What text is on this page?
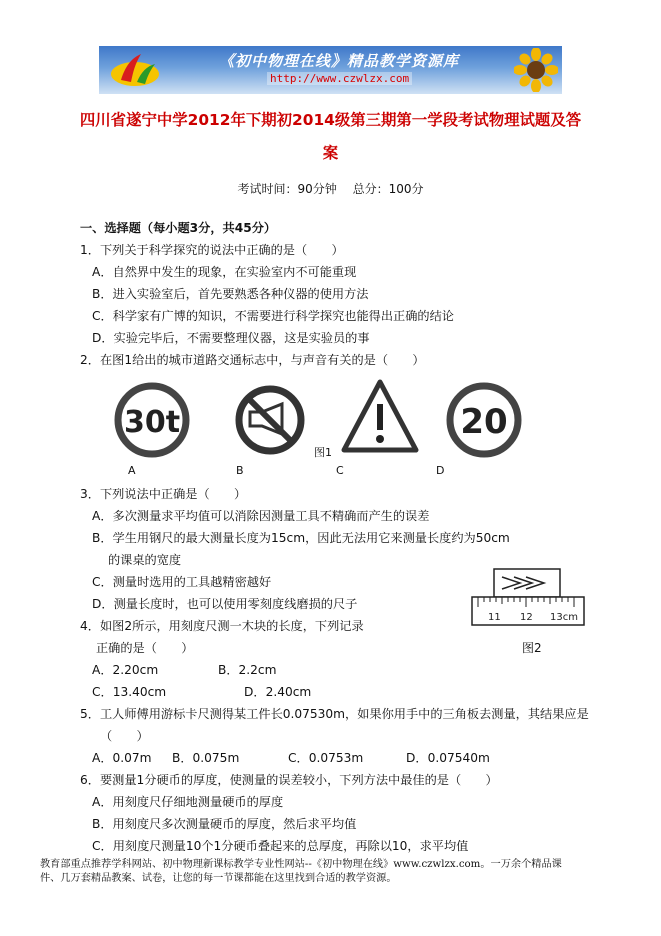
《初中物理在线》精品教学资源库
http://www.czwlzx.com
四川省遂宁中学2012年下期初2014级第三期第一学段考试物理试题及答案
考试时间：90分钟 总分：100分
一、选择题（每小题3分，共45分）
1．下列关于科学探究的说法中正确的是（　　）
A．自然界中发生的现象，在实验室内不可能重现
B．进入实验室后，首先要熟悉各种仪器的使用方法
C．科学家有广博的知识，不需要进行科学探究也能得出正确的结论
D．实验完毕后，不需要整理仪器，这是实验员的事
2．在图1给出的城市道路交通标志中，与声音有关的是（　　）
30t	20
图1
A	B	C	D
3．下列说法中正确是（　　）
A．多次测量求平均值可以消除因测量工具不精确而产生的误差
B．学生用钢尺的最大测量长度为15cm，因此无法用它来测量长度约为50cm
的课桌的宽度
C．测量时选用的工具越精密越好
D．测量长度时，也可以使用零刻度线磨损的尺子
11 12 13cm
图2
4．如图2所示，用刻度尺测一木块的长度，下列记录
正确的是（　　）
A．2.20cm	B．2.2cm
C．13.40cm	D．2.40cm
5．工人师傅用游标卡尺测得某工件长0.07530m，如果你用手中的三角板去测量，其结果应是
（　　）
A．0.07m B．0.075m	C．0.0753m	D．0.07540m
6．要测量1分硬币的厚度，使测量的误差较小，下列方法中最佳的是（　　）
A．用刻度尺仔细地测量硬币的厚度
B．用刻度尺多次测量硬币的厚度，然后求平均值
C．用刻度尺测量10个1分硬币叠起来的总厚度，再除以10，求平均值
教育部重点推荐学科网站、初中物理新课标教学专业性网站--《初中物理在线》www.czwlzx.com。一万余个精品课
件、几万套精品教案、试卷，让您的每一节课都能在这里找到合适的教学资源。
